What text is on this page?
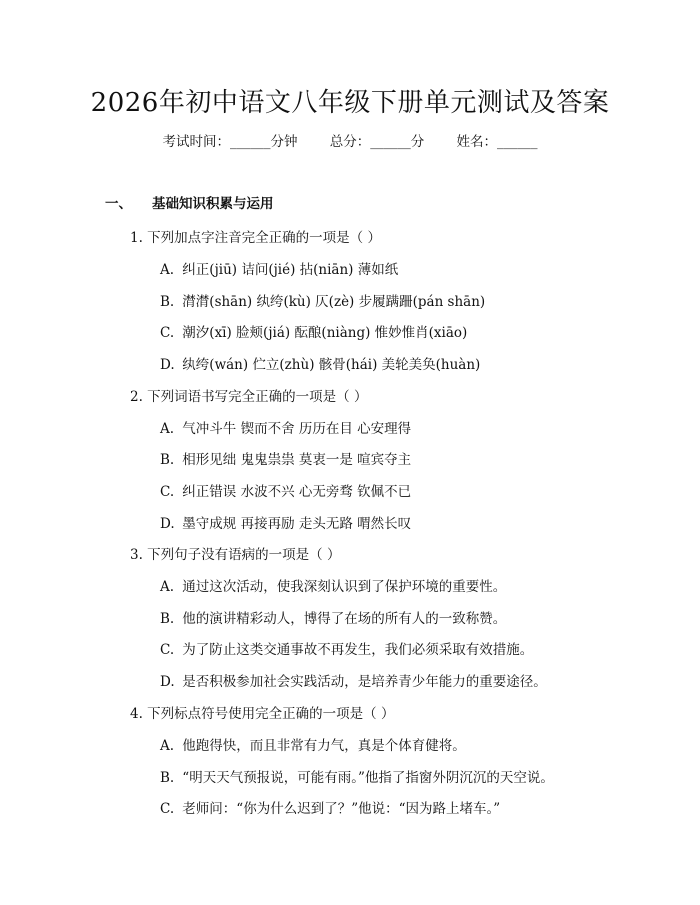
2026年初中语文八年级下册单元测试及答案
考试时间：______分钟 总分：______分 姓名：______
一、 基础知识积累与运用
1. 下列加点字注音完全正确的一项是（ ）
A. 纠正(jiū) 诘问(jié) 拈(niān) 薄如纸
B. 潸潸(shān) 纨绔(kù) 仄(zè) 步履蹒跚(pán shān)
C. 潮汐(xī) 脸颊(jiá) 酝酿(niàng) 惟妙惟肖(xiāo)
D. 纨绔(wán) 伫立(zhù) 骸骨(hái) 美轮美奂(huàn)
2. 下列词语书写完全正确的一项是（ ）
A. 气冲斗牛 锲而不舍 历历在目 心安理得
B. 相形见绌 鬼鬼祟祟 莫衷一是 喧宾夺主
C. 纠正错误 水波不兴 心无旁骛 钦佩不已
D. 墨守成规 再接再励 走头无路 喟然长叹
3. 下列句子没有语病的一项是（ ）
A. 通过这次活动，使我深刻认识到了保护环境的重要性。
B. 他的演讲精彩动人，博得了在场的所有人的一致称赞。
C. 为了防止这类交通事故不再发生，我们必须采取有效措施。
D. 是否积极参加社会实践活动，是培养青少年能力的重要途径。
4. 下列标点符号使用完全正确的一项是（ ）
A. 他跑得快，而且非常有力气，真是个体育健将。
B. “明天天气预报说，可能有雨。”他指了指窗外阴沉沉的天空说。
C. 老师问：“你为什么迟到了？”他说：“因为路上堵车。”
